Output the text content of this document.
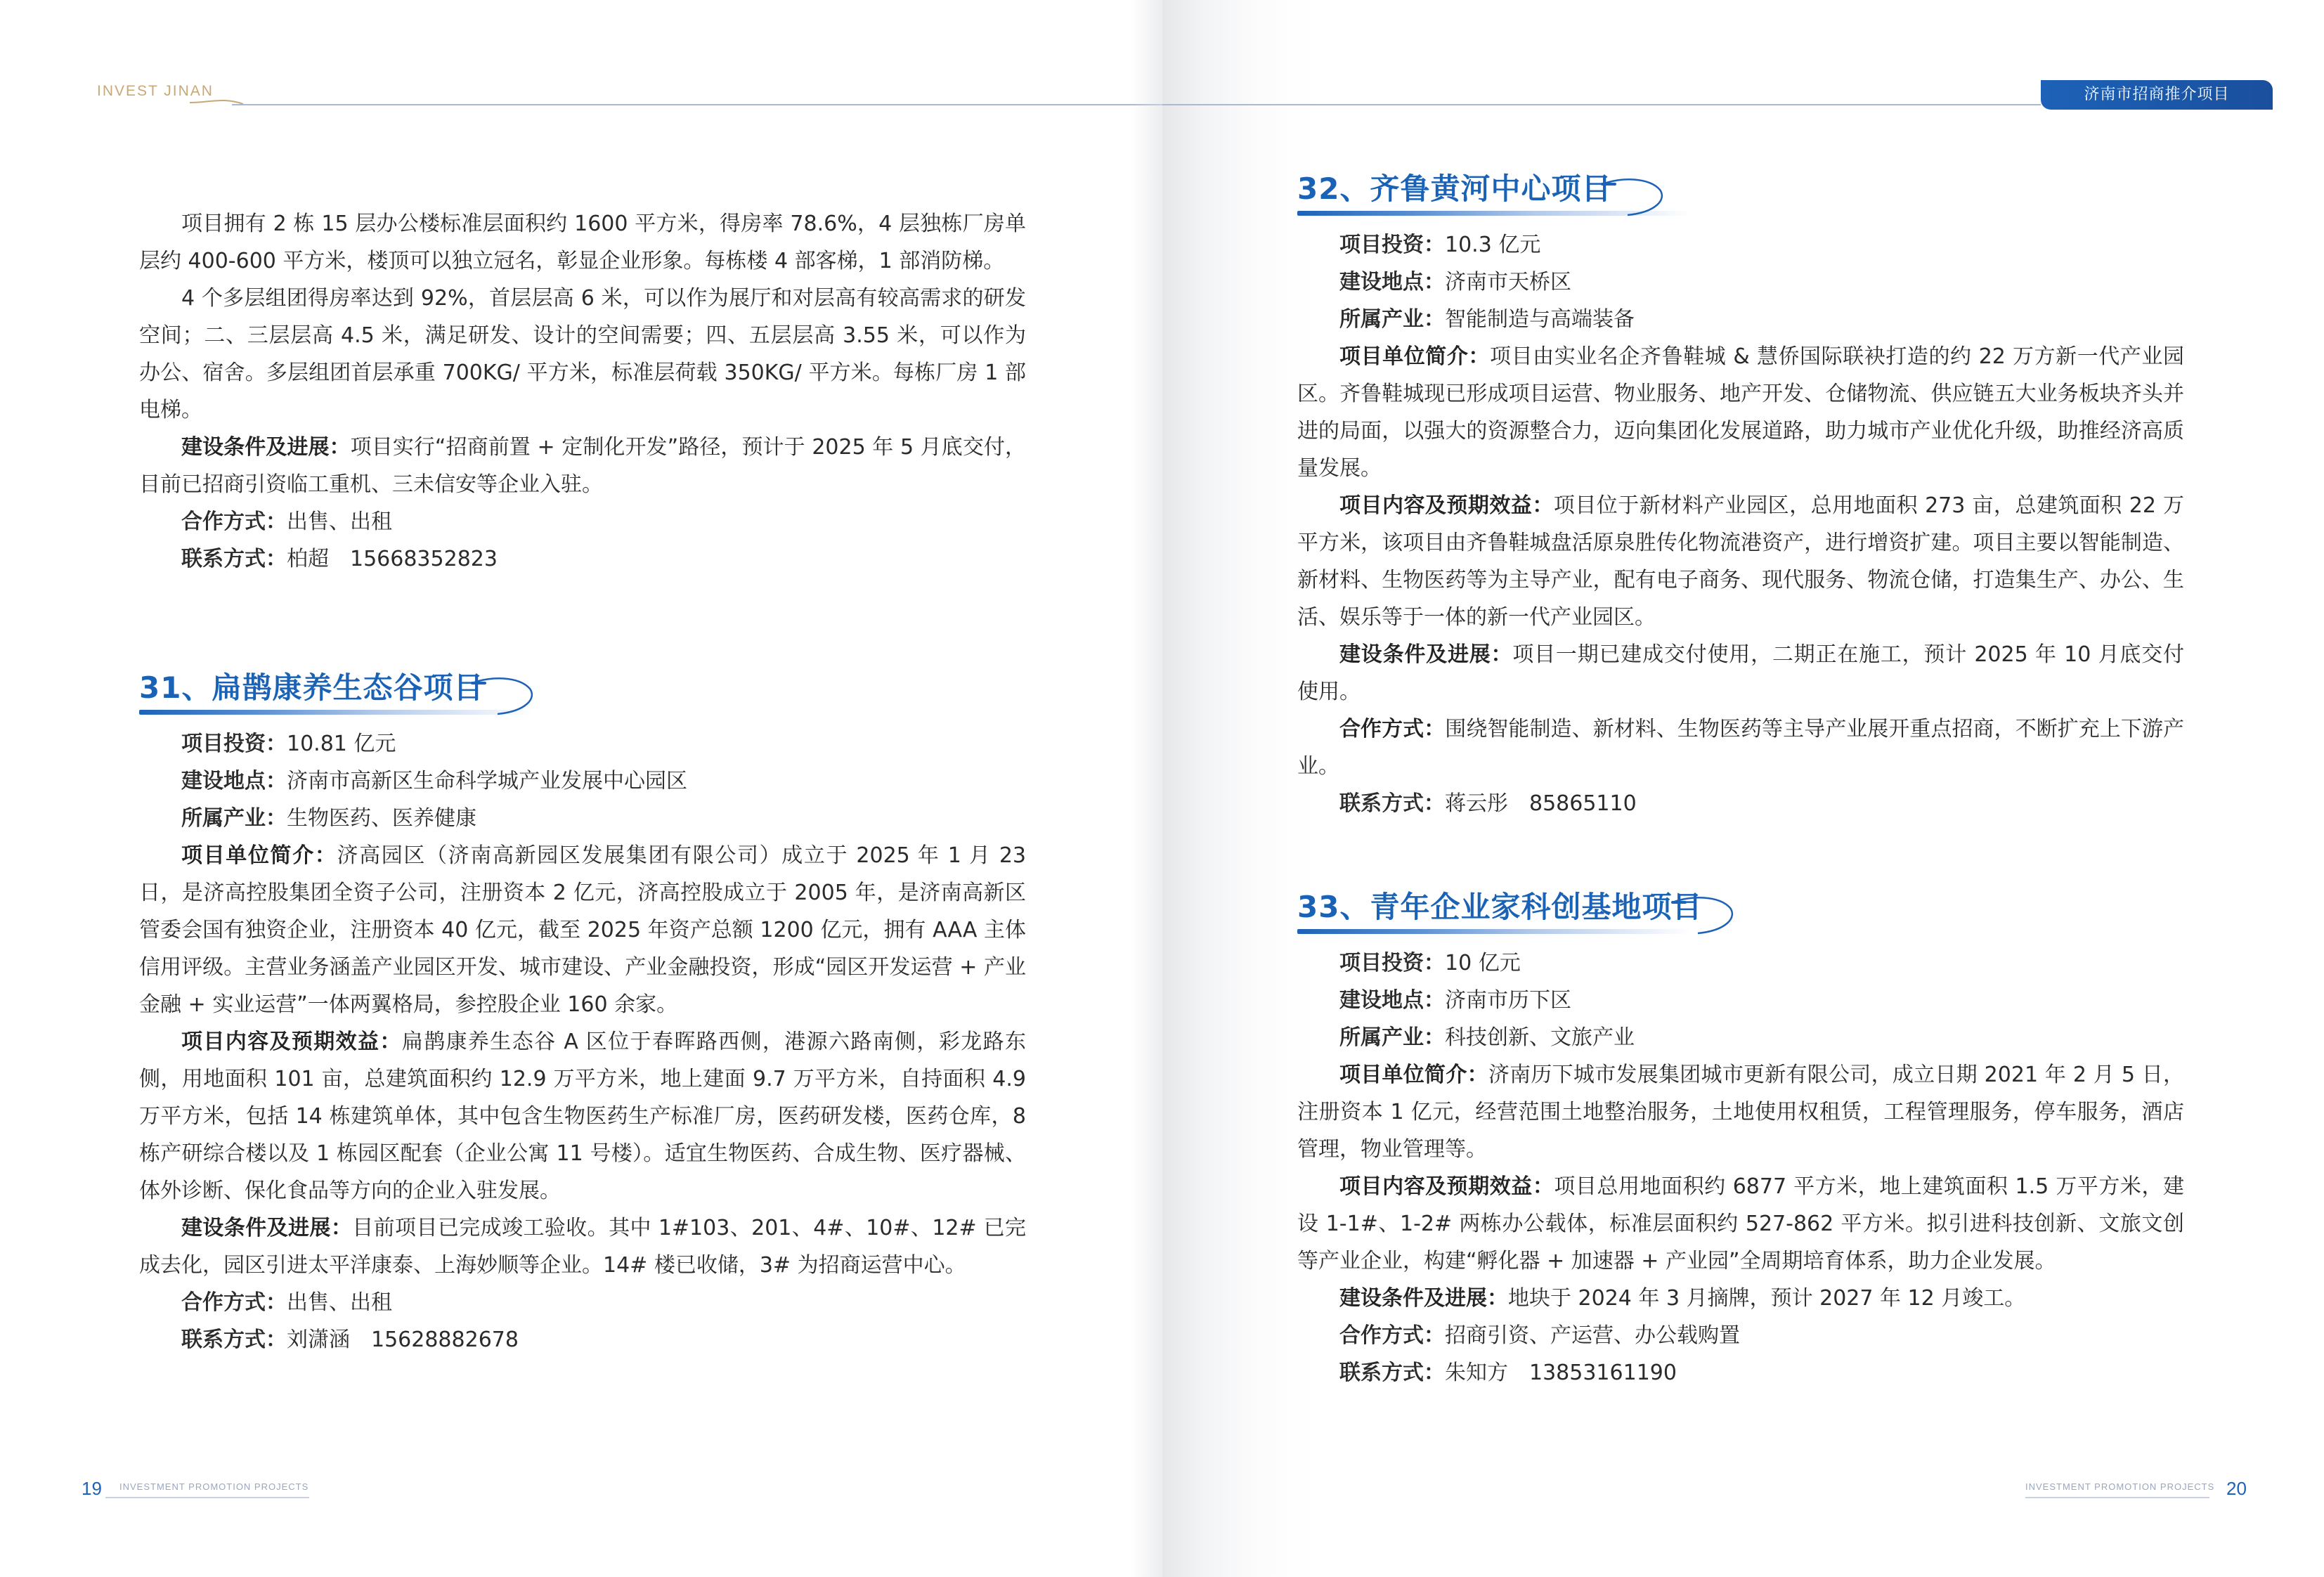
INVEST JINAN

项目拥有 2 栋 15 层办公楼标准层面积约 1600 平方米，得房率 78.6%，4 层独栋厂房单层约 400-600 平方米，楼顶可以独立冠名，彰显企业形象。每栋楼 4 部客梯，1 部消防梯。

4 个多层组团得房率达到 92%，首层层高 6 米，可以作为展厅和对层高有较高需求的研发空间；二、三层层高 4.5 米，满足研发、设计的空间需要；四、五层层高 3.55 米，可以作为办公、宿舍。多层组团首层承重 700KG/ 平方米，标准层荷载 350KG/ 平方米。每栋厂房 1 部电梯。

建设条件及进展：项目实行“招商前置 + 定制化开发”路径，预计于 2025 年 5 月底交付，目前已招商引资临工重机、三未信安等企业入驻。

合作方式：出售、出租

联系方式：柏超　15668352823

31、扁鹊康养生态谷项目

项目投资：10.81 亿元

建设地点：济南市高新区生命科学城产业发展中心园区

所属产业：生物医药、医养健康

项目单位简介：济高园区（济南高新园区发展集团有限公司）成立于 2025 年 1 月 23 日，是济高控股集团全资子公司，注册资本 2 亿元，济高控股成立于 2005 年，是济南高新区管委会国有独资企业，注册资本 40 亿元，截至 2025 年资产总额 1200 亿元，拥有 AAA 主体信用评级。主营业务涵盖产业园区开发、城市建设、产业金融投资，形成“园区开发运营 + 产业金融 + 实业运营”一体两翼格局，参控股企业 160 余家。

项目内容及预期效益：扁鹊康养生态谷 A 区位于春晖路西侧，港源六路南侧，彩龙路东侧，用地面积 101 亩，总建筑面积约 12.9 万平方米，地上建面 9.7 万平方米，自持面积 4.9 万平方米，包括 14 栋建筑单体，其中包含生物医药生产标准厂房，医药研发楼，医药仓库，8 栋产研综合楼以及 1 栋园区配套（企业公寓 11 号楼）。适宜生物医药、合成生物、医疗器械、体外诊断、保化食品等方向的企业入驻发展。

建设条件及进展：目前项目已完成竣工验收。其中 1#103、201、4#、10#、12# 已完成去化，园区引进太平洋康泰、上海妙顺等企业。14# 楼已收储，3# 为招商运营中心。

合作方式：出售、出租

联系方式：刘潇涵　15628882678

19 INVESTMENT PROMOTION PROJECTS
济南市招商推介项目
32、齐鲁黄河中心项目

项目投资：10.3 亿元

建设地点：济南市天桥区

所属产业：智能制造与高端装备

项目单位简介：项目由实业名企齐鲁鞋城 & 慧侨国际联袂打造的约 22 万方新一代产业园区。齐鲁鞋城现已形成项目运营、物业服务、地产开发、仓储物流、供应链五大业务板块齐头并进的局面，以强大的资源整合力，迈向集团化发展道路，助力城市产业优化升级，助推经济高质量发展。

项目内容及预期效益：项目位于新材料产业园区，总用地面积 273 亩，总建筑面积 22 万平方米，该项目由齐鲁鞋城盘活原泉胜传化物流港资产，进行增资扩建。项目主要以智能制造、新材料、生物医药等为主导产业，配有电子商务、现代服务、物流仓储，打造集生产、办公、生活、娱乐等于一体的新一代产业园区。

建设条件及进展：项目一期已建成交付使用，二期正在施工，预计 2025 年 10 月底交付使用。

合作方式：围绕智能制造、新材料、生物医药等主导产业展开重点招商，不断扩充上下游产业。

联系方式：蒋云彤　85865110

33、青年企业家科创基地项目

项目投资：10 亿元

建设地点：济南市历下区

所属产业：科技创新、文旅产业

项目单位简介：济南历下城市发展集团城市更新有限公司，成立日期 2021 年 2 月 5 日，注册资本 1 亿元，经营范围土地整治服务，土地使用权租赁，工程管理服务，停车服务，酒店管理，物业管理等。

项目内容及预期效益：项目总用地面积约 6877 平方米，地上建筑面积 1.5 万平方米，建设 1-1#、1-2# 两栋办公载体，标准层面积约 527-862 平方米。拟引进科技创新、文旅文创等产业企业，构建“孵化器 + 加速器 + 产业园”全周期培育体系，助力企业发展。

建设条件及进展：地块于 2024 年 3 月摘牌，预计 2027 年 12 月竣工。

合作方式：招商引资、产运营、办公载购置

联系方式：朱知方　13853161190

INVESTMENT PROMOTION PROJECTS 20
